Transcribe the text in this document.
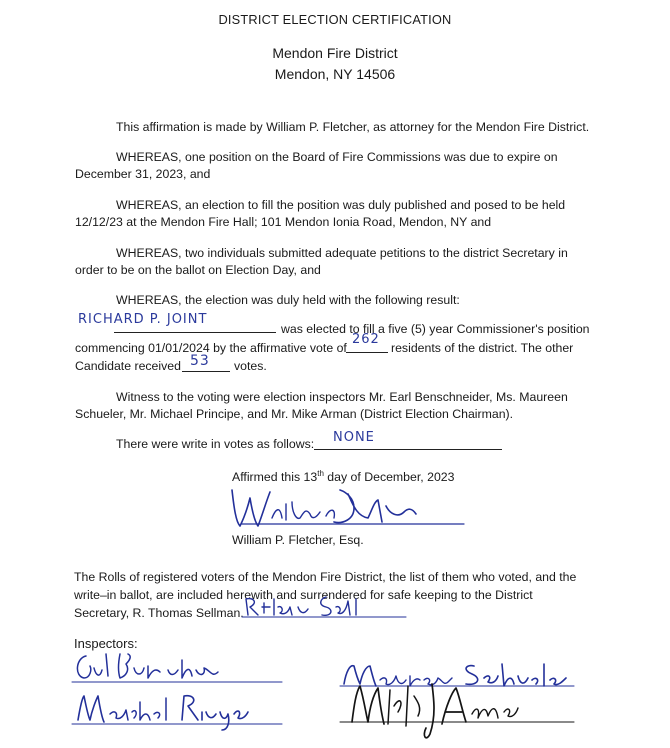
DISTRICT ELECTION CERTIFICATION
Mendon Fire District
Mendon, NY 14506
This affirmation is made by William P. Fletcher, as attorney for the Mendon Fire District.
WHEREAS, one position on the Board of Fire Commissions was due to expire on
December 31, 2023, and
WHEREAS, an election to fill the position was duly published and posed to be held
12/12/23 at the Mendon Fire Hall; 101 Mendon Ionia Road, Mendon, NY and
WHEREAS, two individuals submitted adequate petitions to the district Secretary in
order to be on the ballot on Election Day, and
WHEREAS, the election was duly held with the following result:
RICHARD P. JOINT
was elected to fill a five (5) year Commissioner's position
commencing 01/01/2024 by the affirmative vote of
262
residents of the district. The other
Candidate received 53 votes.
Witness to the voting were election inspectors Mr. Earl Benschneider, Ms. Maureen
Schueler, Mr. Michael Principe, and Mr. Mike Arman (District Election Chairman).
There were write in votes as follows: NONE
Affirmed this 13th day of December, 2023
William P. Fletcher, Esq.
The Rolls of registered voters of the Mendon Fire District, the list of them who voted, and the
write–in ballot, are included herewith and surrendered for safe keeping to the District
Secretary, R. Thomas Sellman.
Inspectors:
